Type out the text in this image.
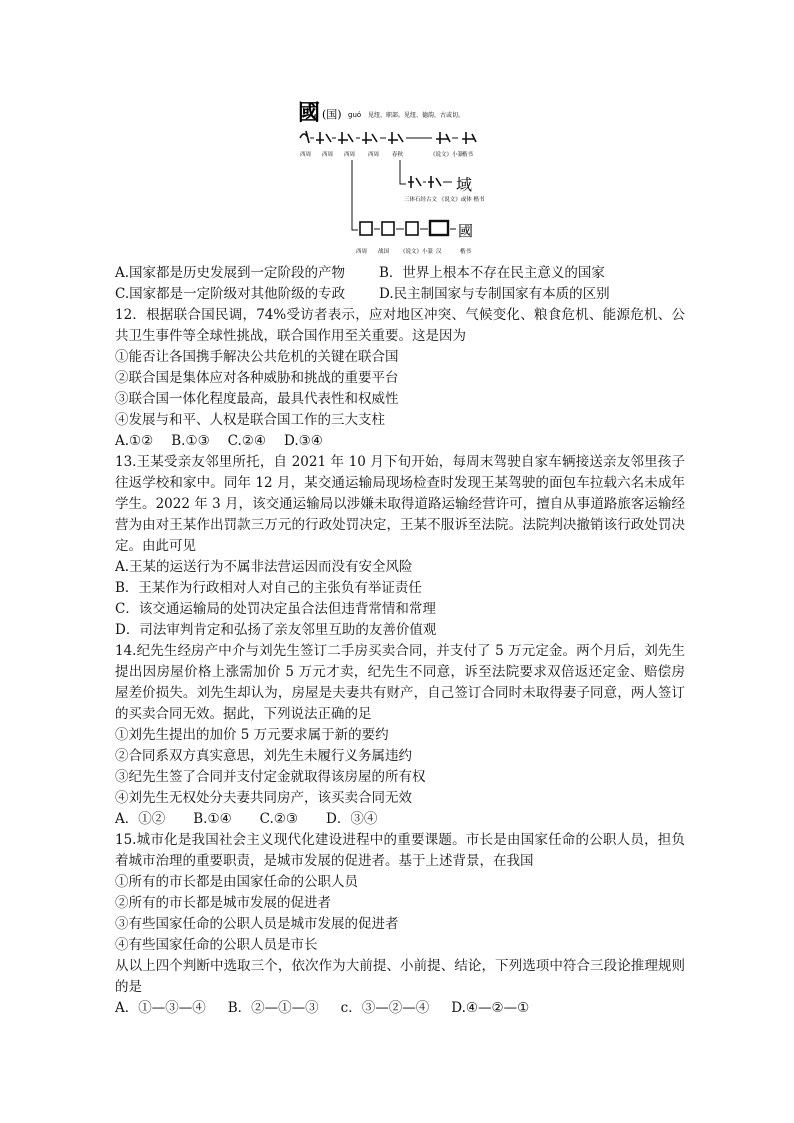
國 (国) guó 见纽、职部。见纽、德韵，古或切。
西周 西周 西周 西周 春秋	《说文》小篆
楷书
域
三体石经古文 《说文》或体 楷书
國
西周 战国 《说文》小篆 汉	楷书
A.国家都是历史发展到一定阶段的产物	B．世界上根本不存在民主意义的国家
C.国家都是一定阶级对其他阶级的专政	D.民主制国家与专制国家有本质的区别
12．根据联合国民调，74%受访者表示，应对地区冲突、气候变化、粮食危机、能源危机、公共卫生事件等全球性挑战，联合国作用至关重要。这是因为
①能否让各国携手解决公共危机的关键在联合国
②联合国是集体应对各种威胁和挑战的重要平台
③联合国一体化程度最高，最具代表性和权威性
④发展与和平、人权是联合国工作的三大支柱
A.①② B.①③ C.②④ D.③④
13.王某受亲友邻里所托，自 2021 年 10 月下旬开始，每周末驾驶自家车辆接送亲友邻里孩子往返学校和家中。同年 12 月，某交通运输局现场检查时发现王某驾驶的面包车拉载六名未成年学生。2022 年 3 月，该交通运输局以涉嫌未取得道路运输经营许可，擅自从事道路旅客运输经营为由对王某作出罚款三万元的行政处罚决定，王某不服诉至法院。法院判决撤销该行政处罚决定。由此可见
A.王某的运送行为不属非法营运因而没有安全风险
B．王某作为行政相对人对自己的主张负有举证责任
C．该交通运输局的处罚决定虽合法但违背常情和常理
D．司法审判肯定和弘扬了亲友邻里互助的友善价值观
14.纪先生经房产中介与刘先生签订二手房买卖合同，并支付了 5 万元定金。两个月后，刘先生提出因房屋价格上涨需加价 5 万元才卖，纪先生不同意，诉至法院要求双倍返还定金、赔偿房屋差价损失。刘先生却认为，房屋是夫妻共有财产，自己签订合同时未取得妻子同意，两人签订的买卖合同无效。据此，下列说法正确的足
①刘先生提出的加价 5 万元要求属于新的要约
②合同系双方真实意思，刘先生未履行义务属违约
③纪先生签了合同并支付定金就取得该房屋的所有权
④刘先生无权处分夫妻共同房产，该买卖合同无效
A．①② B.①④ C.②③ D．③④
15.城市化是我国社会主义现代化建设进程中的重要课题。市长是由国家任命的公职人员，担负着城市治理的重要职责，是城市发展的促进者。基于上述背景，在我国
①所有的市长都是由国家任命的公职人员
②所有的市长都是城市发展的促进者
③有些国家任命的公职人员是城市发展的促进者
④有些国家任命的公职人员是市长
从以上四个判断中选取三个，依次作为大前提、小前提、结论，下列选项中符合三段论推理规则的是
A．①—③—④ B．②—①—③ c．③—②—④ D.④—②—①
